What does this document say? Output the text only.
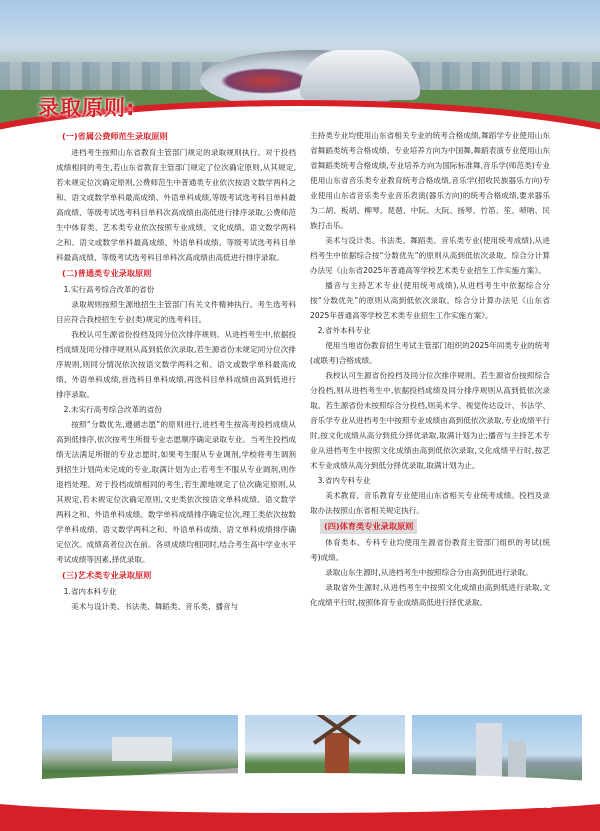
录取原则:
(一)省属公费师范生录取原则

进档考生按照山东省教育主管部门规定的录取规则执行。对于投档成绩相同的考生,若山东省教育主管部门规定了位次确定原则,从其规定,若未规定位次确定原则,公费师范生中普通类专业依次按语文数学两科之和、语文或数学单科最高成绩、外语单科成绩,等级考试选考科目单科最高成绩、等级考试选考科目单科次高成绩由高低进行排序录取,公费师范生中体育类、艺术类专业依次按照专业成绩、文化成绩、语文数学两科之和、语文或数学单科最高成绩、外语单科成绩、等级考试选考科目单科最高成绩、等级考试选考科目单科次高成绩由高低进行排序录取。

(二)普通类专业录取原则

1.实行高考综合改革的省份

录取规则按照生源地招生主管部门有关文件精神执行。考生选考科目应符合我校招生专业(类)规定的选考科目。

我校认可生源省份投档及同分位次排序规则。从进档考生中,依据投档成绩及同分排序规则从高到低依次录取,若生源省份未规定同分位次排序规则,则同分情况依次按语文数学两科之和、语文或数学单科最高成绩、外语单科成绩,首选科目单科成绩,再选科目单科成绩由高到低进行排序录取。

2.未实行高考综合改革的省份

按照“分数优先,遵循志愿”的原则进行,进档考生按高考投档成绩从高到低排序,依次按考生所报专业志愿顺序确定录取专业。当考生投档成绩无法满足所报的专业志愿时,如果考生服从专业调剂,学校将考生调剂到招生计划尚未完成的专业,取满计划为止;若考生不服从专业调剂,则作退档处理。对于投档成绩相同的考生,若生源地规定了位次确定原则,从其规定,若未规定位次确定原则,文史类依次按语文单科成绩、语文数学两科之和、外语单科成绩、数学单科成绩排序确定位次,理工类依次按数学单科成绩、语文数学两科之和、外语单科成绩、语文单科成绩排序确定位次。成绩高者位次在前。各项成绩均相同时,结合考生高中学业水平考试成绩等因素,择优录取。

(三)艺术类专业录取原则

1.省内本科专业

美术与设计类、书法类、舞蹈类、音乐类、播音与

主持类专业均使用山东省相关专业的统考合格成绩,舞蹈学专业使用山东省舞蹈类统考合格成绩、专业培养方向为中国舞,舞蹈表演专业使用山东省舞蹈类统考合格成绩,专业培养方向为国际标准舞,音乐学(师范类)专业使用山东省音乐类专业教育统考合格成绩,音乐学(招收民族器乐方向)专业使用山东省音乐类专业音乐表演(器乐方向)的统考合格成绩,要求器乐为二胡、板胡、柳琴、琵琶、中阮、大阮、扬琴、竹笛、笙、唢呐、民族打击乐。

美术与设计类、书法类、舞蹈类、音乐类专业(使用统考成绩),从进档考生中依据综合按“分数优先”的原则从高到低依次录取。综合分计算办法见《山东省2025年普通高等学校艺术类专业招生工作实施方案》。

播音与主持艺术专业(使用统考成绩),从进档考生中依据综合分按“分数优先”的原则从高到低依次录取。综合分计算办法见《山东省2025年普通高等学校艺术类专业招生工作实施方案》。

2.省外本科专业

使用当地省份教育招生考试主管部门组织的2025年同类专业的统考(或联考)合格成绩。

我校认可生源省份投档及同分位次排序规则。若生源省份按照综合分投档,则从进档考生中,依据投档成绩及同分排序规则从高到低依次录取。若生源省份未按照综合分投档,则美术学、视觉传达设计、书法学、音乐学专业从进档考生中按照专业成绩由高到低依次录取,专业成绩平行时,按文化成绩从高分到低分择优录取,取满计划为止;播音与主持艺术专业从进档考生中按照文化成绩由高到低依次录取,文化成绩平行时,按艺术专业成绩从高分到低分择优录取,取满计划为止。

3.省内专科专业

美术教育、音乐教育专业使用山东省相关专业统考成绩。投档及录取办法按照山东省相关规定执行。

(四)体育类专业录取原则

体育类本、专科专业均使用生源省份教育主管部门组织的考试(统考)成绩。

录取山东生源时,从进档考生中按照综合分由高到低进行录取。

录取省外生源时,从进档考生中按照文化成绩由高到低进行录取,文化成绩平行时,按照体育专业成绩高低进行择优录取。

11
